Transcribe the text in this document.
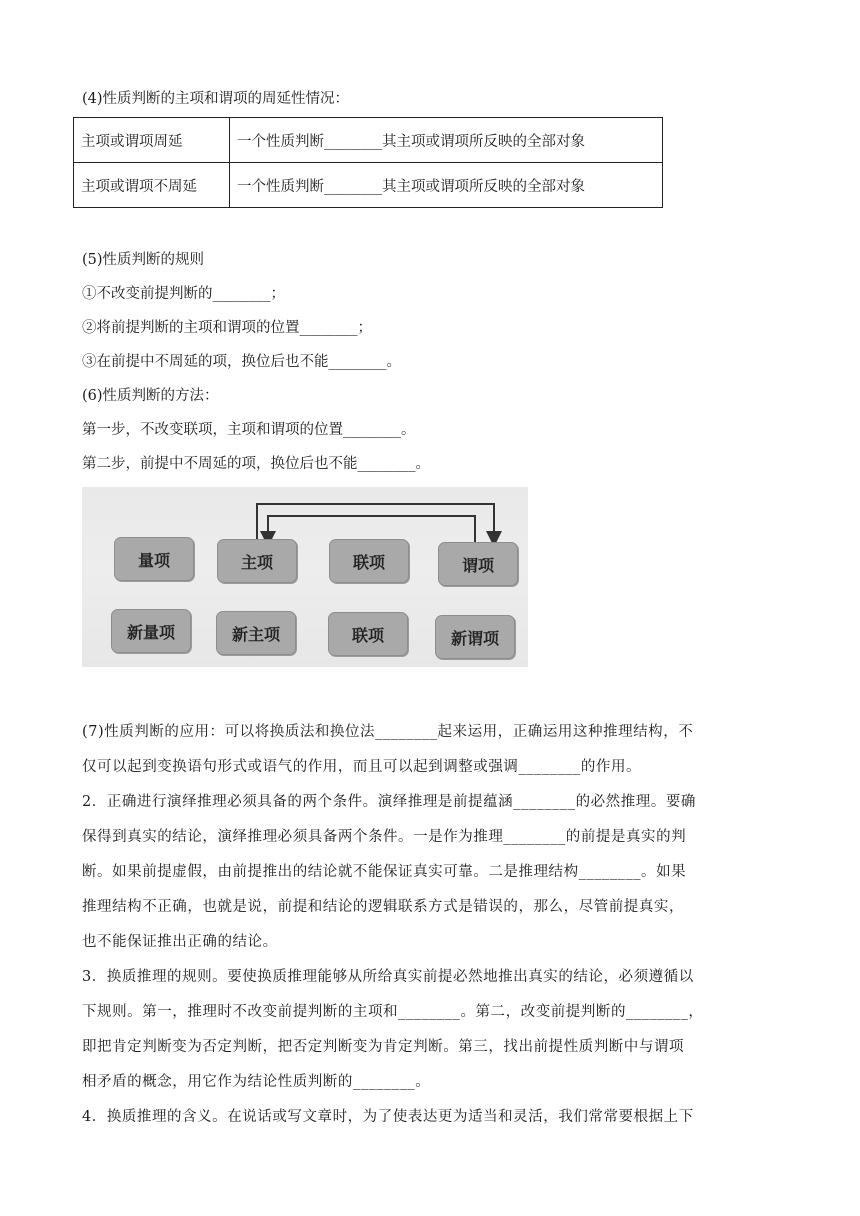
(4)性质判断的主项和谓项的周延性情况：
主项或谓项周延	一个性质判断________其主项或谓项所反映的全部对象
主项或谓项不周延	一个性质判断________其主项或谓项所反映的全部对象
(5)性质判断的规则
①不改变前提判断的________；
②将前提判断的主项和谓项的位置________；
③在前提中不周延的项，换位后也不能________。
(6)性质判断的方法：
第一步，不改变联项，主项和谓项的位置________。
第二步，前提中不周延的项，换位后也不能________。
量项	主项	联项	谓项
新量项	新主项	联项	新谓项
(7)性质判断的应用：可以将换质法和换位法________起来运用，正确运用这种推理结构，不
仅可以起到变换语句形式或语气的作用，而且可以起到调整或强调________的作用。
2．正确进行演绎推理必须具备的两个条件。演绎推理是前提蕴涵________的必然推理。要确
保得到真实的结论，演绎推理必须具备两个条件。一是作为推理________的前提是真实的判
断。如果前提虚假，由前提推出的结论就不能保证真实可靠。二是推理结构________。如果
推理结构不正确，也就是说，前提和结论的逻辑联系方式是错误的，那么，尽管前提真实，
也不能保证推出正确的结论。
3．换质推理的规则。要使换质推理能够从所给真实前提必然地推出真实的结论，必须遵循以
下规则。第一，推理时不改变前提判断的主项和________。第二，改变前提判断的________，
即把肯定判断变为否定判断，把否定判断变为肯定判断。第三，找出前提性质判断中与谓项
相矛盾的概念，用它作为结论性质判断的________。
4．换质推理的含义。在说话或写文章时，为了使表达更为适当和灵活，我们常常要根据上下
